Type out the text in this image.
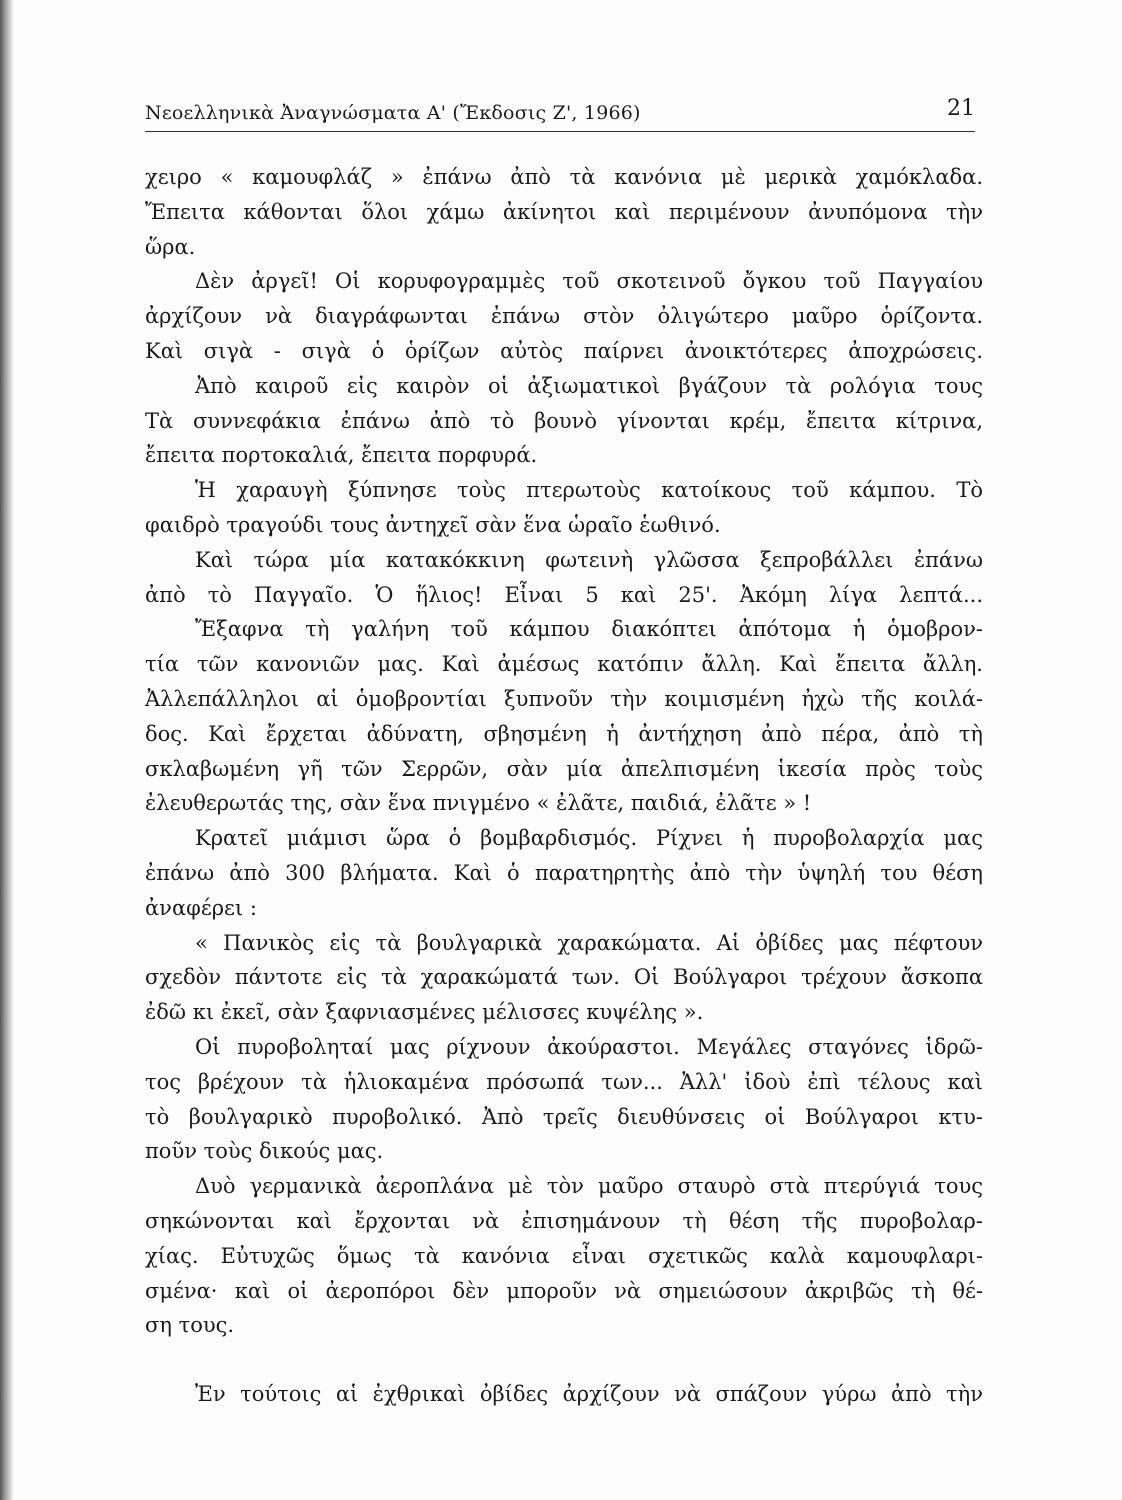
Νεοελληνικὰ Ἀναγνώσματα Α' (Ἔκδοσις Ζ', 1966)	21
χειρο « καμουφλάζ » ἐπάνω ἀπὸ τὰ κανόνια μὲ μερικὰ χαμόκλαδα.
Ἔπειτα κάθονται ὅλοι χάμω ἀκίνητοι καὶ περιμένουν ἀνυπόμονα τὴν
ὥρα.
Δὲν ἀργεῖ! Οἱ κορυφογραμμὲς τοῦ σκοτεινοῦ ὄγκου τοῦ Παγγαίου
ἀρχίζουν νὰ διαγράφωνται ἐπάνω στὸν ὀλιγώτερο μαῦρο ὁρίζοντα.
Καὶ σιγὰ - σιγὰ ὁ ὁρίζων αὐτὸς παίρνει ἀνοικτότερες ἀποχρώσεις.
Ἀπὸ καιροῦ εἰς καιρὸν οἱ ἀξιωματικοὶ βγάζουν τὰ ρολόγια τους
Τὰ συννεφάκια ἐπάνω ἀπὸ τὸ βουνὸ γίνονται κρέμ, ἔπειτα κίτρινα,
ἔπειτα πορτοκαλιά, ἔπειτα πορφυρά.
Ἡ χαραυγὴ ξύπνησε τοὺς πτερωτοὺς κατοίκους τοῦ κάμπου. Τὸ
φαιδρὸ τραγούδι τους ἀντηχεῖ σὰν ἕνα ὡραῖο ἑωθινό.
Καὶ τώρα μία κατακόκκινη φωτεινὴ γλῶσσα ξεπροβάλλει ἐπάνω
ἀπὸ τὸ Παγγαῖο. Ὁ ἥλιος! Εἶναι 5 καὶ 25'. Ἀκόμη λίγα λεπτά...
Ἔξαφνα τὴ γαλήνη τοῦ κάμπου διακόπτει ἀπότομα ἡ ὁμοβρον-
τία τῶν κανονιῶν μας. Καὶ ἀμέσως κατόπιν ἄλλη. Καὶ ἔπειτα ἄλλη.
Ἀλλεπάλληλοι αἱ ὁμοβροντίαι ξυπνοῦν τὴν κοιμισμένη ἠχὼ τῆς κοιλά-
δος. Καὶ ἔρχεται ἀδύνατη, σβησμένη ἡ ἀντήχηση ἀπὸ πέρα, ἀπὸ τὴ
σκλαβωμένη γῆ τῶν Σερρῶν, σὰν μία ἀπελπισμένη ἱκεσία πρὸς τοὺς
ἐλευθερωτάς της, σὰν ἕνα πνιγμένο « ἐλᾶτε, παιδιά, ἐλᾶτε » !
Κρατεῖ μιάμισι ὥρα ὁ βομβαρδισμός. Ρίχνει ἡ πυροβολαρχία μας
ἐπάνω ἀπὸ 300 βλήματα. Καὶ ὁ παρατηρητὴς ἀπὸ τὴν ὑψηλή του θέση
ἀναφέρει :
« Πανικὸς εἰς τὰ βουλγαρικὰ χαρακώματα. Αἱ ὀβίδες μας πέφτουν
σχεδὸν πάντοτε εἰς τὰ χαρακώματά των. Οἱ Βούλγαροι τρέχουν ἄσκοπα
ἐδῶ κι ἐκεῖ, σὰν ξαφνιασμένες μέλισσες κυψέλης ».
Οἱ πυροβοληταί μας ρίχνουν ἀκούραστοι. Μεγάλες σταγόνες ἱδρῶ-
τος βρέχουν τὰ ἡλιοκαμένα πρόσωπά των... Ἀλλ' ἰδοὺ ἐπὶ τέλους καὶ
τὸ βουλγαρικὸ πυροβολικό. Ἀπὸ τρεῖς διευθύνσεις οἱ Βούλγαροι κτυ-
ποῦν τοὺς δικούς μας.
Δυὸ γερμανικὰ ἀεροπλάνα μὲ τὸν μαῦρο σταυρὸ στὰ πτερύγιά τους
σηκώνονται καὶ ἔρχονται νὰ ἐπισημάνουν τὴ θέση τῆς πυροβολαρ-
χίας. Εὐτυχῶς ὅμως τὰ κανόνια εἶναι σχετικῶς καλὰ καμουφλαρι-
σμένα· καὶ οἱ ἀεροπόροι δὲν μποροῦν νὰ σημειώσουν ἀκριβῶς τὴ θέ-
ση τους.
Ἐν τούτοις αἱ ἐχθρικαὶ ὀβίδες ἀρχίζουν νὰ σπάζουν γύρω ἀπὸ τὴν
